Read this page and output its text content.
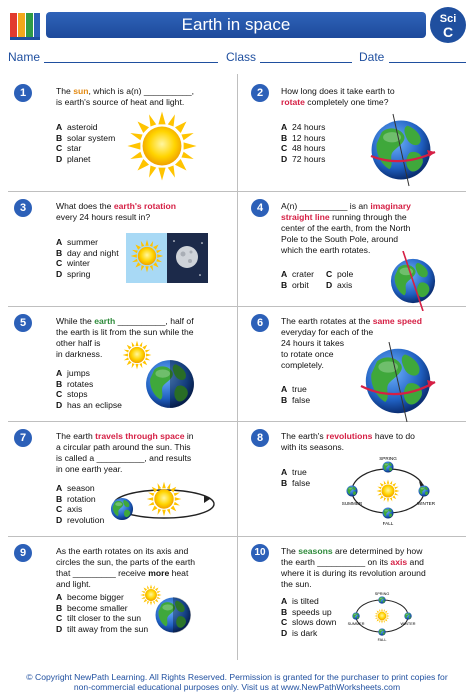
Earth in space	Sci
C
Name	Class	Date
1	The sun, which is a(n) __________,
is earth's source of heat and light.
A asteroid
B solar system
C star
D planet
2	How long does it take earth to
rotate completely one time?
A 24 hours
B 12 hours
C 48 hours
D 72 hours
3	What does the earth's rotation
every 24 hours result in?
A summer
B day and night
C winter
D spring
4	A(n) __________ is an imaginary
straight line running through the
center of the earth, from the North
Pole to the South Pole, around
which the earth rotates.
A crater C pole
B orbit D axis
5	While the earth __________, half of
the earth is lit from the sun while the
other half is
in darkness.
A jumps
B rotates
C stops
D has an eclipse
6	The earth rotates at the same speed
everyday for each of the
24 hours it takes
to rotate once
completely.
A true
B false
7	The earth travels through space in
a circular path around the sun. This
is called a __________, and results
in one earth year.
A season
B rotation
C axis
D revolution
8	The earth's revolutions have to do
with its seasons.
A true
B false
SPRING
SUMMER	WINTER
FALL
9	As the earth rotates on its axis and
circles the sun, the parts of the earth
that _________ receive more heat
and light.
A become bigger
B become smaller
C tilt closer to the sun
D tilt away from the sun
10	The seasons are determined by how
the earth __________ on its axis and
where it is during its revolution around
the sun.
A is tilted
B speeds up
C slows down
D is dark
SPRING
SUMMER	WINTER
FALL
© Copyright NewPath Learning. All Rights Reserved. Permission is granted for the purchaser to print copies for
non-commercial educational purposes only. Visit us at www.NewPathWorksheets.com
